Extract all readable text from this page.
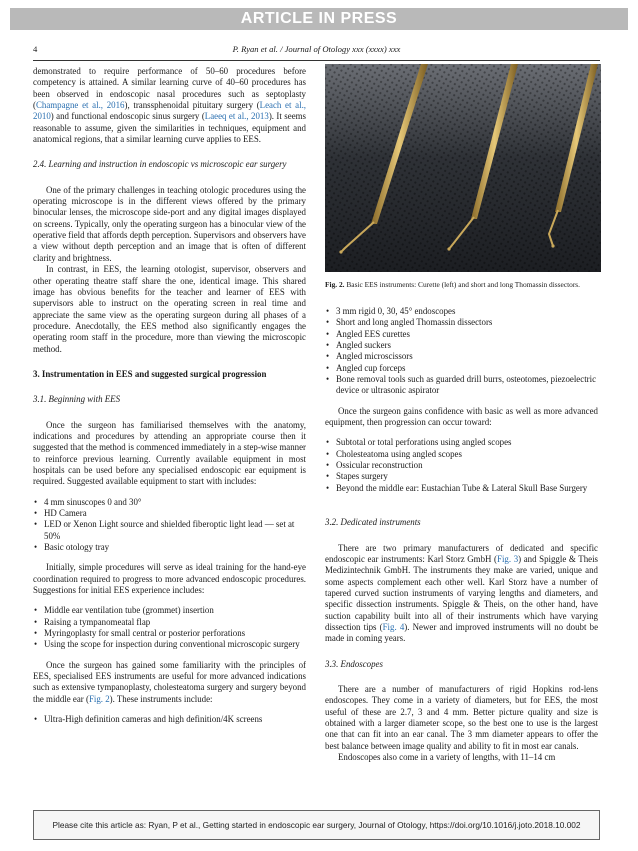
ARTICLE IN PRESS
4	P. Ryan et al. / Journal of Otology xxx (xxxx) xxx

demonstrated to require performance of 50–60 procedures before competency is attained. A similar learning curve of 40–60 procedures has been observed in endoscopic nasal procedures such as septoplasty (Champagne et al., 2016), transsphenoidal pituitary surgery (Leach et al., 2010) and functional endoscopic sinus surgery (Laeeq et al., 2013). It seems reasonable to assume, given the similarities in techniques, equipment and anatomical regions, that a similar learning curve applies to EES.

2.4. Learning and instruction in endoscopic vs microscopic ear surgery

One of the primary challenges in teaching otologic procedures using the operating microscope is in the different views offered by the primary binocular lenses, the microscope side-port and any digital images displayed on screens. Typically, only the operating surgeon has a binocular view of the operative field that affords depth perception. Supervisors and observers have a view without depth perception and an image that is often of different clarity and brightness.

In contrast, in EES, the learning otologist, supervisor, observers and other operating theatre staff share the one, identical image. This shared image has obvious benefits for the teacher and learner of EES with supervisors able to instruct on the operating screen in real time and appreciate the same view as the operating surgeon during all phases of a procedure. Anecdotally, the EES method also significantly engages the operating room staff in the procedure, more than viewing the microscopic method.

3. Instrumentation in EES and suggested surgical progression

3.1. Beginning with EES

Once the surgeon has familiarised themselves with the anatomy, indications and procedures by attending an appropriate course then it suggested that the method is commenced immediately in a step-wise manner to reinforce previous learning. Currently available equipment in most hospitals can be used before any specialised endoscopic ear equipment is required. Suggested available equipment to start with includes:

• 4 mm sinuscopes 0 and 30°
• HD Camera
• LED or Xenon Light source and shielded fiberoptic light lead — set at 50%
• Basic otology tray

Initially, simple procedures will serve as ideal training for the hand-eye coordination required to progress to more advanced endoscopic procedures. Suggestions for initial EES experience includes:

• Middle ear ventilation tube (grommet) insertion
• Raising a tympanomeatal flap
• Myringoplasty for small central or posterior perforations
• Using the scope for inspection during conventional microscopic surgery

Once the surgeon has gained some familiarity with the principles of EES, specialised EES instruments are useful for more advanced indications such as extensive tympanoplasty, cholesteatoma surgery and surgery beyond the middle ear (Fig. 2). These instruments include:

• Ultra-High definition cameras and high definition/4K screens
Fig. 2. Basic EES instruments: Curette (left) and short and long Thomassin dissectors.
• 3 mm rigid 0, 30, 45° endoscopes
• Short and long angled Thomassin dissectors
• Angled EES curettes
• Angled suckers
• Angled microscissors
• Angled cup forceps
• Bone removal tools such as guarded drill burrs, osteotomes, piezoelectric device or ultrasonic aspirator

Once the surgeon gains confidence with basic as well as more advanced equipment, then progression can occur toward:

• Subtotal or total perforations using angled scopes
• Cholesteatoma using angled scopes
• Ossicular reconstruction
• Stapes surgery
• Beyond the middle ear: Eustachian Tube & Lateral Skull Base Surgery

3.2. Dedicated instruments

There are two primary manufacturers of dedicated and specific endoscopic ear instruments: Karl Storz GmbH (Fig. 3) and Spiggle & Theis Medizintechnik GmbH. The instruments they make are varied, unique and some aspects complement each other well. Karl Storz have a number of tapered curved suction instruments of varying lengths and diameters, and specific dissection instruments. Spiggle & Theis, on the other hand, have suction capability built into all of their instruments which have varying dissection tips (Fig. 4). Newer and improved instruments will no doubt be made in coming years.

3.3. Endoscopes

There are a number of manufacturers of rigid Hopkins rod-lens endoscopes. They come in a variety of diameters, but for EES, the most useful of these are 2.7, 3 and 4 mm. Better picture quality and size is obtained with a larger diameter scope, so the best one to use is the largest one that can fit into an ear canal. The 3 mm diameter appears to offer the best balance between image quality and ability to fit in most ear canals.

Endoscopes also come in a variety of lengths, with 11–14 cm

Please cite this article as: Ryan, P et al., Getting started in endoscopic ear surgery, Journal of Otology, https://doi.org/10.1016/j.joto.2018.10.002
